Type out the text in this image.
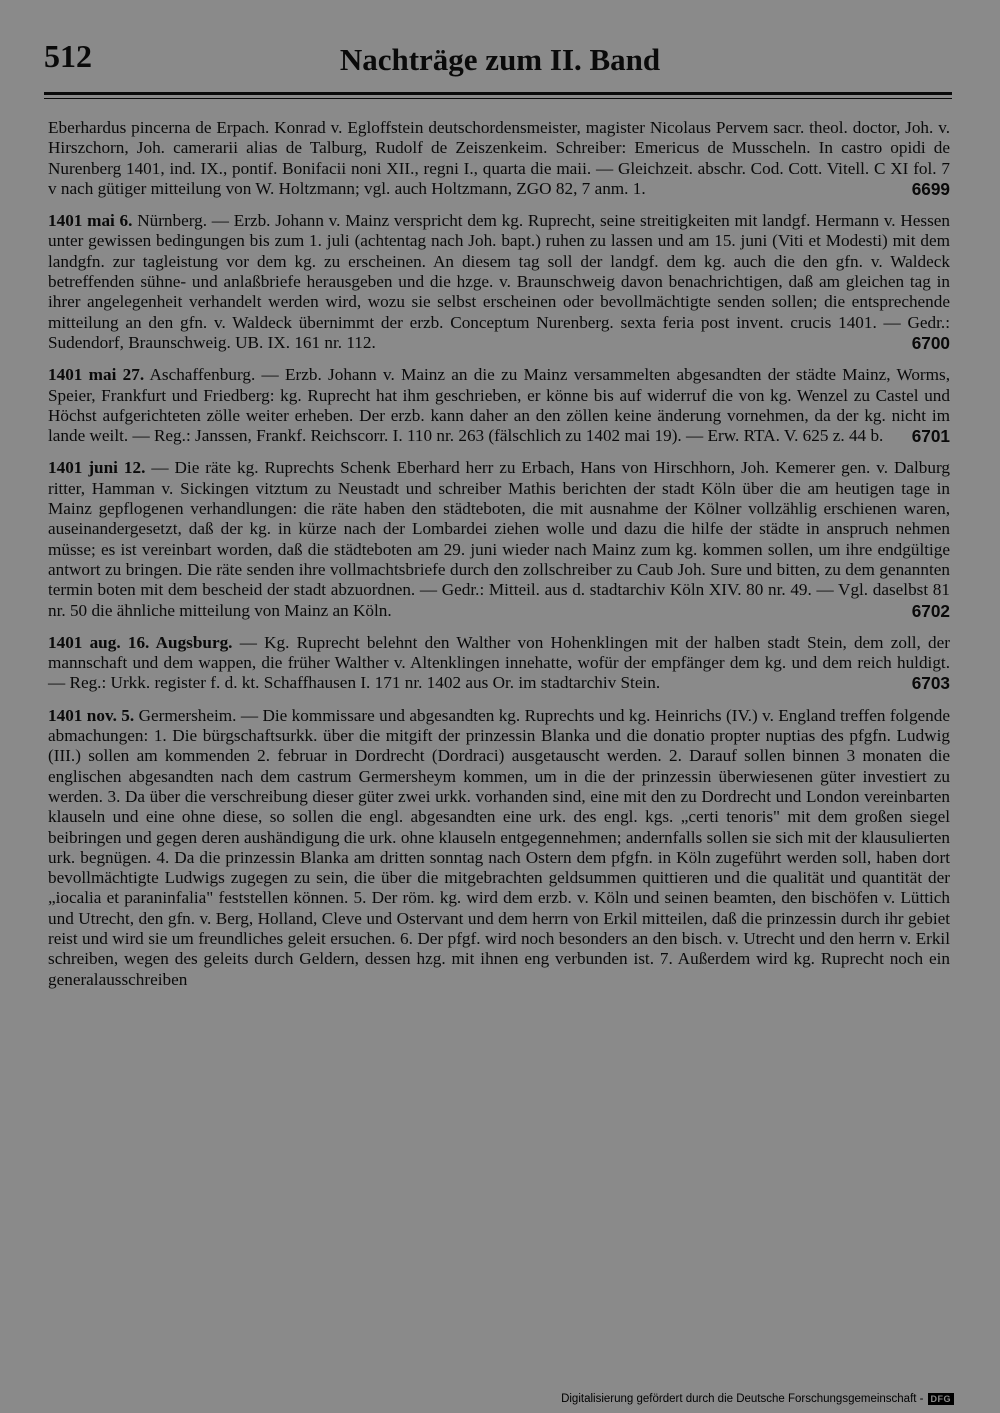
512	Nachträge zum II. Band

Eberhardus pincerna de Erpach. Konrad v. Egloffstein deutschordensmeister, magister Nicolaus Pervem sacr. theol. doctor, Joh. v. Hirszchorn, Joh. camerarii alias de Talburg, Rudolf de Zeiszenkeim. Schreiber: Emericus de Musscheln. In castro opidi de Nurenberg 1401, ind. IX., pontif. Bonifacii noni XII., regni I., quarta die maii. — Gleichzeit. abschr. Cod. Cott. Vitell. C XI fol. 7 v nach gütiger mitteilung von W. Holtzmann; vgl. auch Holtzmann, ZGO 82, 7 anm. 1.	6699

1401 mai 6. Nürnberg. — Erzb. Johann v. Mainz verspricht dem kg. Ruprecht, seine streitigkeiten mit landgf. Hermann v. Hessen unter gewissen bedingungen bis zum 1. juli (achtentag nach Joh. bapt.) ruhen zu lassen und am 15. juni (Viti et Modesti) mit dem landgfn. zur tagleistung vor dem kg. zu erscheinen. An diesem tag soll der landgf. dem kg. auch die den gfn. v. Waldeck betreffenden sühne- und anlaßbriefe herausgeben und die hzge. v. Braunschweig davon benachrichtigen, daß am gleichen tag in ihrer angelegenheit verhandelt werden wird, wozu sie selbst erscheinen oder bevollmächtigte senden sollen; die entsprechende mitteilung an den gfn. v. Waldeck übernimmt der erzb. Conceptum Nurenberg. sexta feria post invent. crucis 1401. — Gedr.: Sudendorf, Braunschweig. UB. IX. 161 nr. 112.	6700

1401 mai 27. Aschaffenburg. — Erzb. Johann v. Mainz an die zu Mainz versammelten abgesandten der städte Mainz, Worms, Speier, Frankfurt und Friedberg: kg. Ruprecht hat ihm geschrieben, er könne bis auf widerruf die von kg. Wenzel zu Castel und Höchst aufgerichteten zölle weiter erheben. Der erzb. kann daher an den zöllen keine änderung vornehmen, da der kg. nicht im lande weilt. — Reg.: Janssen, Frankf. Reichscorr. I. 110 nr. 263 (fälschlich zu 1402 mai 19). — Erw. RTA. V. 625 z. 44 b. 6701

1401 juni 12. — Die räte kg. Ruprechts Schenk Eberhard herr zu Erbach, Hans von Hirschhorn, Joh. Kemerer gen. v. Dalburg ritter, Hamman v. Sickingen vitztum zu Neustadt und schreiber Mathis berichten der stadt Köln über die am heutigen tage in Mainz gepflogenen verhandlungen: die räte haben den städteboten, die mit ausnahme der Kölner vollzählig erschienen waren, auseinandergesetzt, daß der kg. in kürze nach der Lombardei ziehen wolle und dazu die hilfe der städte in anspruch nehmen müsse; es ist vereinbart worden, daß die städteboten am 29. juni wieder nach Mainz zum kg. kommen sollen, um ihre endgültige antwort zu bringen. Die räte senden ihre vollmachtsbriefe durch den zollschreiber zu Caub Joh. Sure und bitten, zu dem genannten termin boten mit dem bescheid der stadt abzuordnen. — Gedr.: Mitteil. aus d. stadtarchiv Köln XIV. 80 nr. 49. — Vgl. daselbst 81 nr. 50 die ähnliche mitteilung von Mainz an Köln.	6702

1401 aug. 16. Augsburg. — Kg. Ruprecht belehnt den Walther von Hohenklingen mit der halben stadt Stein, dem zoll, der mannschaft und dem wappen, die früher Walther v. Altenklingen innehatte, wofür der empfänger dem kg. und dem reich huldigt. — Reg.: Urkk. register f. d. kt. Schaffhausen I. 171 nr. 1402 aus Or. im stadtarchiv Stein.	6703

1401 nov. 5. Germersheim. — Die kommissare und abgesandten kg. Ruprechts und kg. Heinrichs (IV.) v. England treffen folgende abmachungen: 1. Die bürgschaftsurkk. über die mitgift der prinzessin Blanka und die donatio propter nuptias des pfgfn. Ludwig (III.) sollen am kommenden 2. februar in Dordrecht (Dordraci) ausgetauscht werden. 2. Darauf sollen binnen 3 monaten die englischen abgesandten nach dem castrum Germersheym kommen, um in die der prinzessin überwiesenen güter investiert zu werden. 3. Da über die verschreibung dieser güter zwei urkk. vorhanden sind, eine mit den zu Dordrecht und London vereinbarten klauseln und eine ohne diese, so sollen die engl. abgesandten eine urk. des engl. kgs. „certi tenoris" mit dem großen siegel beibringen und gegen deren aushändigung die urk. ohne klauseln entgegennehmen; andernfalls sollen sie sich mit der klausulierten urk. begnügen. 4. Da die prinzessin Blanka am dritten sonntag nach Ostern dem pfgfn. in Köln zugeführt werden soll, haben dort bevollmächtigte Ludwigs zugegen zu sein, die über die mitgebrachten geldsummen quittieren und die qualität und quantität der „iocalia et paraninfalia" feststellen können. 5. Der röm. kg. wird dem erzb. v. Köln und seinen beamten, den bischöfen v. Lüttich und Utrecht, den gfn. v. Berg, Holland, Cleve und Ostervant und dem herrn von Erkil mitteilen, daß die prinzessin durch ihr gebiet reist und wird sie um freundliches geleit ersuchen. 6. Der pfgf. wird noch besonders an den bisch. v. Utrecht und den herrn v. Erkil schreiben, wegen des geleits durch Geldern, dessen hzg. mit ihnen eng verbunden ist. 7. Außerdem wird kg. Ruprecht noch ein generalausschreiben

Digitalisierung gefördert durch die Deutsche Forschungsgemeinschaft - DFG
